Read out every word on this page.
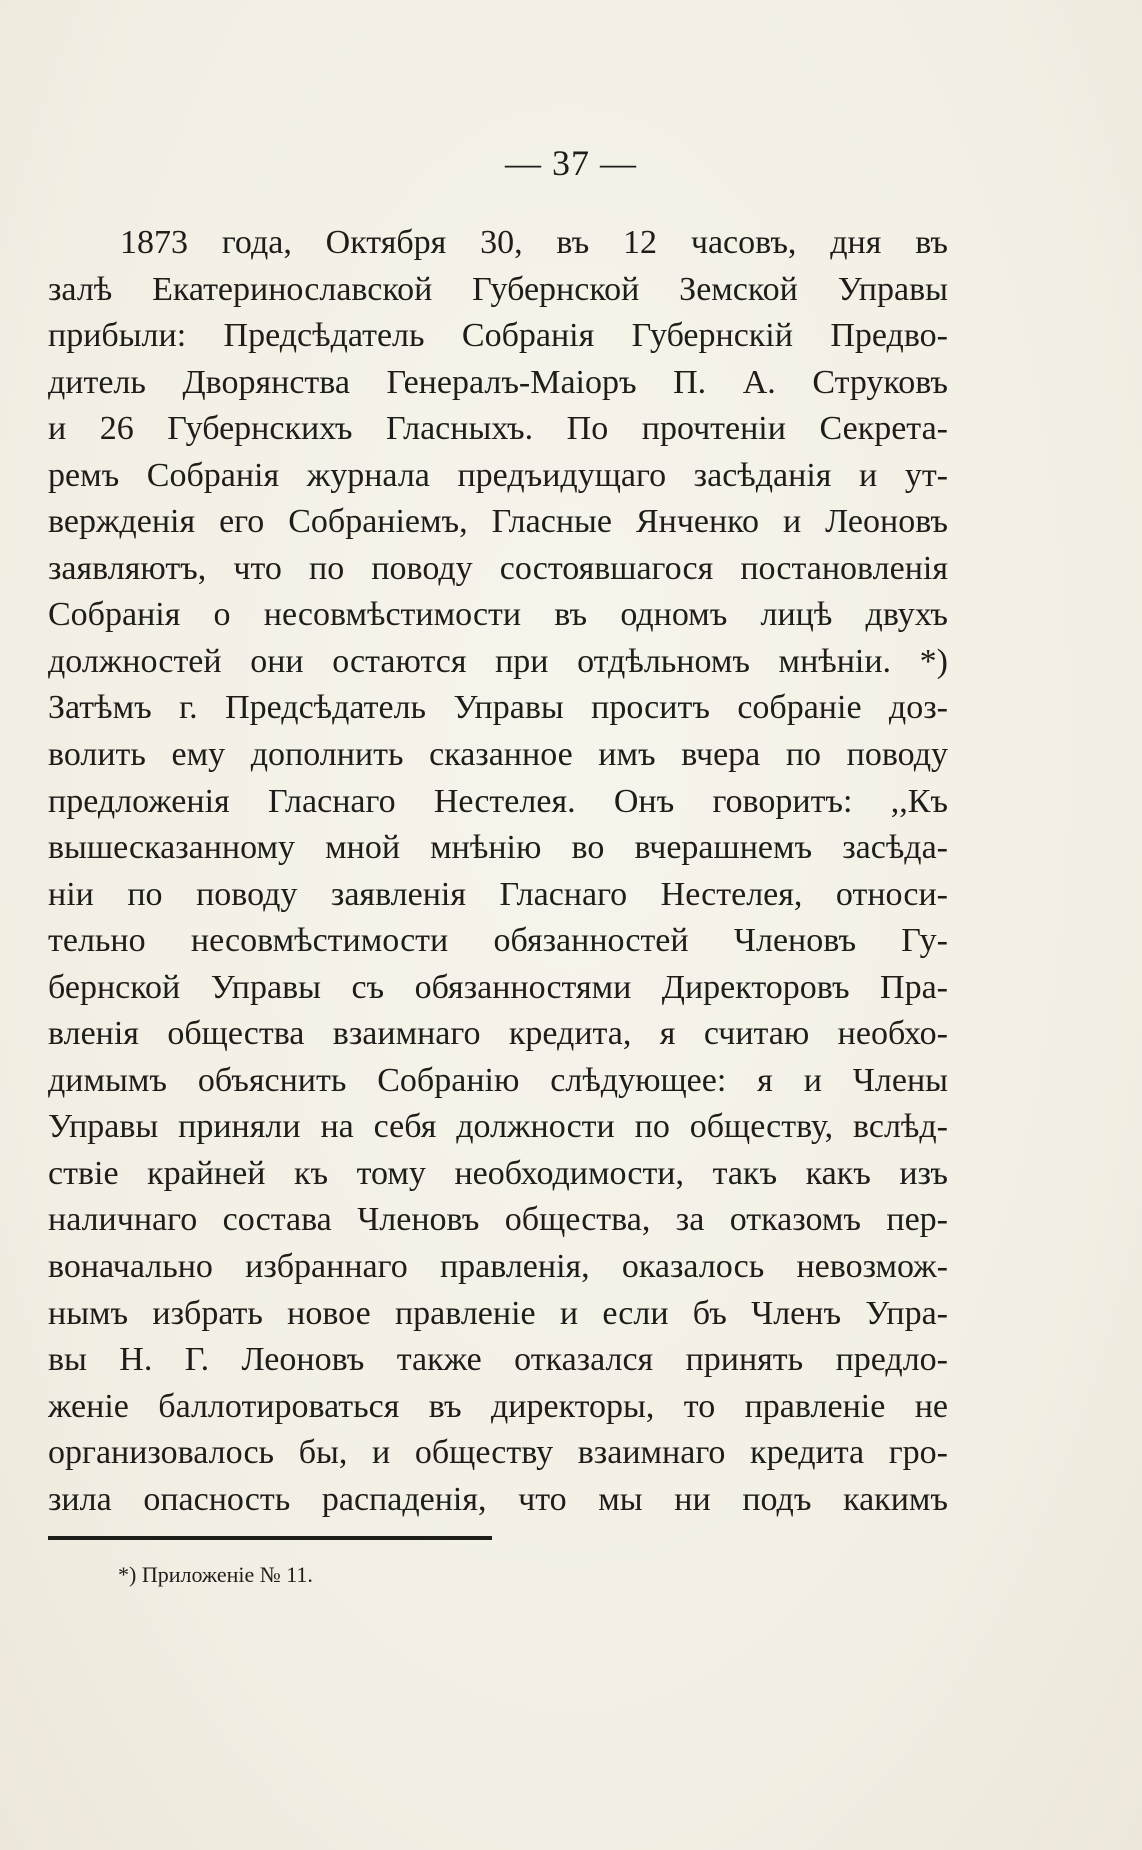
— 37 —
1873 года, Октября 30, въ 12 часовъ, дня въ
залѣ Екатеринославской Губернской Земской Управы
прибыли: Предсѣдатель Собранія Губернскій Предво-
дитель Дворянства Генералъ-Маіоръ П. А. Струковъ
и 26 Губернскихъ Гласныхъ. По прочтеніи Секрета-
ремъ Собранія журнала предъидущаго засѣданія и ут-
вержденія его Собраніемъ, Гласные Янченко и Леоновъ
заявляютъ, что по поводу состоявшагося постановленія
Собранія о несовмѣстимости въ одномъ лицѣ двухъ
должностей они остаются при отдѣльномъ мнѣніи. *)
Затѣмъ г. Предсѣдатель Управы проситъ собраніе доз-
волить ему дополнить сказанное имъ вчера по поводу
предложенія Гласнаго Нестелея. Онъ говоритъ: ,,Къ
вышесказанному мной мнѣнію во вчерашнемъ засѣда-
ніи по поводу заявленія Гласнаго Нестелея, относи-
тельно несовмѣстимости обязанностей Членовъ Гу-
бернской Управы съ обязанностями Директоровъ Пра-
вленія общества взаимнаго кредита, я считаю необхо-
димымъ объяснить Собранію слѣдующее: я и Члены
Управы приняли на себя должности по обществу, вслѣд-
ствіе крайней къ тому необходимости, такъ какъ изъ
наличнаго состава Членовъ общества, за отказомъ пер-
воначально избраннаго правленія, оказалось невозмож-
нымъ избрать новое правленіе и если бъ Членъ Упра-
вы Н. Г. Леоновъ также отказался принять предло-
женіе баллотироваться въ директоры, то правленіе не
организовалось бы, и обществу взаимнаго кредита гро-
зила опасность распаденія, что мы ни подъ какимъ
*) Приложеніе № 11.
